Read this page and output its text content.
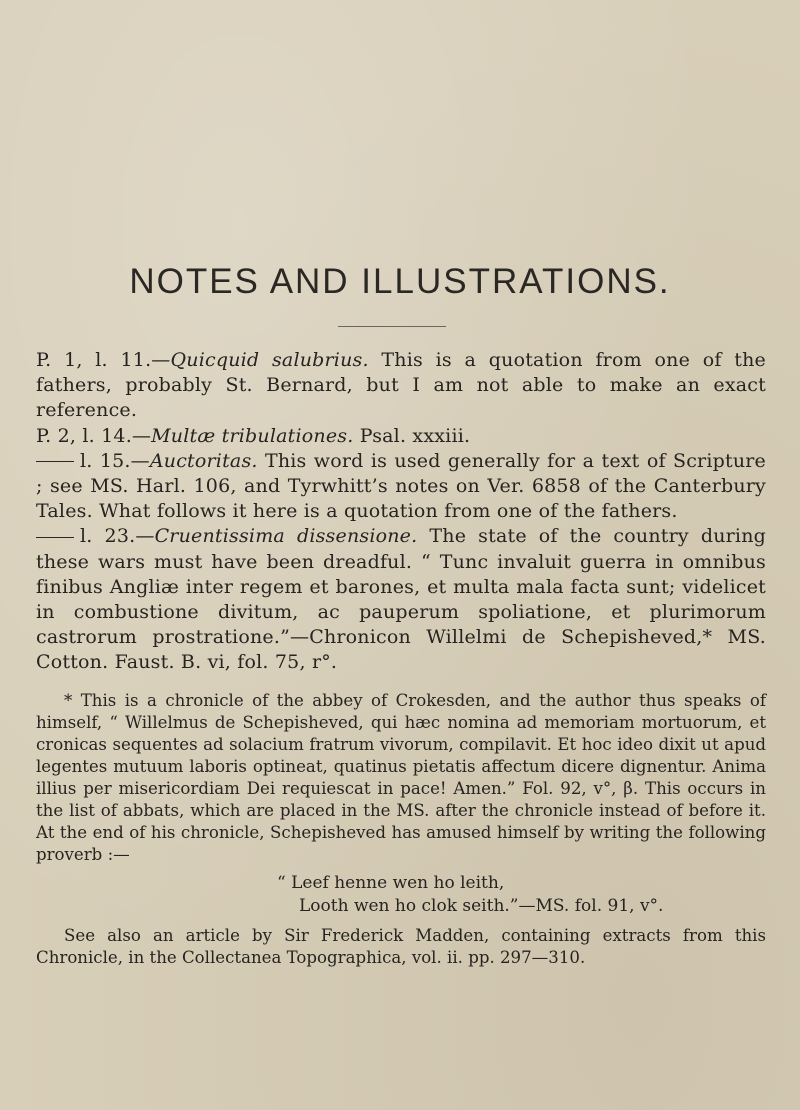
NOTES AND ILLUSTRATIONS.

P. 1, l. 11.—Quicquid salubrius. This is a quotation from one of the fathers, probably St. Bernard, but I am not able to make an exact reference.

P. 2, l. 14.—Multæ tribulationes. Psal. xxxiii.

l. 15.—Auctoritas. This word is used generally for a text of Scripture ; see MS. Harl. 106, and Tyrwhitt’s notes on Ver. 6858 of the Canterbury Tales. What follows it here is a quotation from one of the fathers.

l. 23.—Cruentissima dissensione. The state of the country during these wars must have been dreadful. “ Tunc invaluit guerra in omnibus finibus Angliæ inter regem et barones, et multa mala facta sunt; videlicet in combustione divitum, ac pauperum spoliatione, et plurimorum castrorum prostratione.”—Chronicon Willelmi de Schepisheved,* MS. Cotton. Faust. B. vi, fol. 75, r°.

* This is a chronicle of the abbey of Crokesden, and the author thus speaks of himself, “ Willelmus de Schepisheved, qui hæc nomina ad memoriam mortuorum, et cronicas sequentes ad solacium fratrum vivorum, compilavit. Et hoc ideo dixit ut apud legentes mutuum laboris optineat, quatinus pietatis affectum dicere dignentur. Anima illius per misericordiam Dei requiescat in pace! Amen.” Fol. 92, v°, β. This occurs in the list of abbats, which are placed in the MS. after the chronicle instead of before it. At the end of his chronicle, Schepisheved has amused himself by writing the following proverb :—

“ Leef henne wen ho leith,
Looth wen ho clok seith.”—MS. fol. 91, v°.

See also an article by Sir Frederick Madden, containing extracts from this Chronicle, in the Collectanea Topographica, vol. ii. pp. 297—310.
